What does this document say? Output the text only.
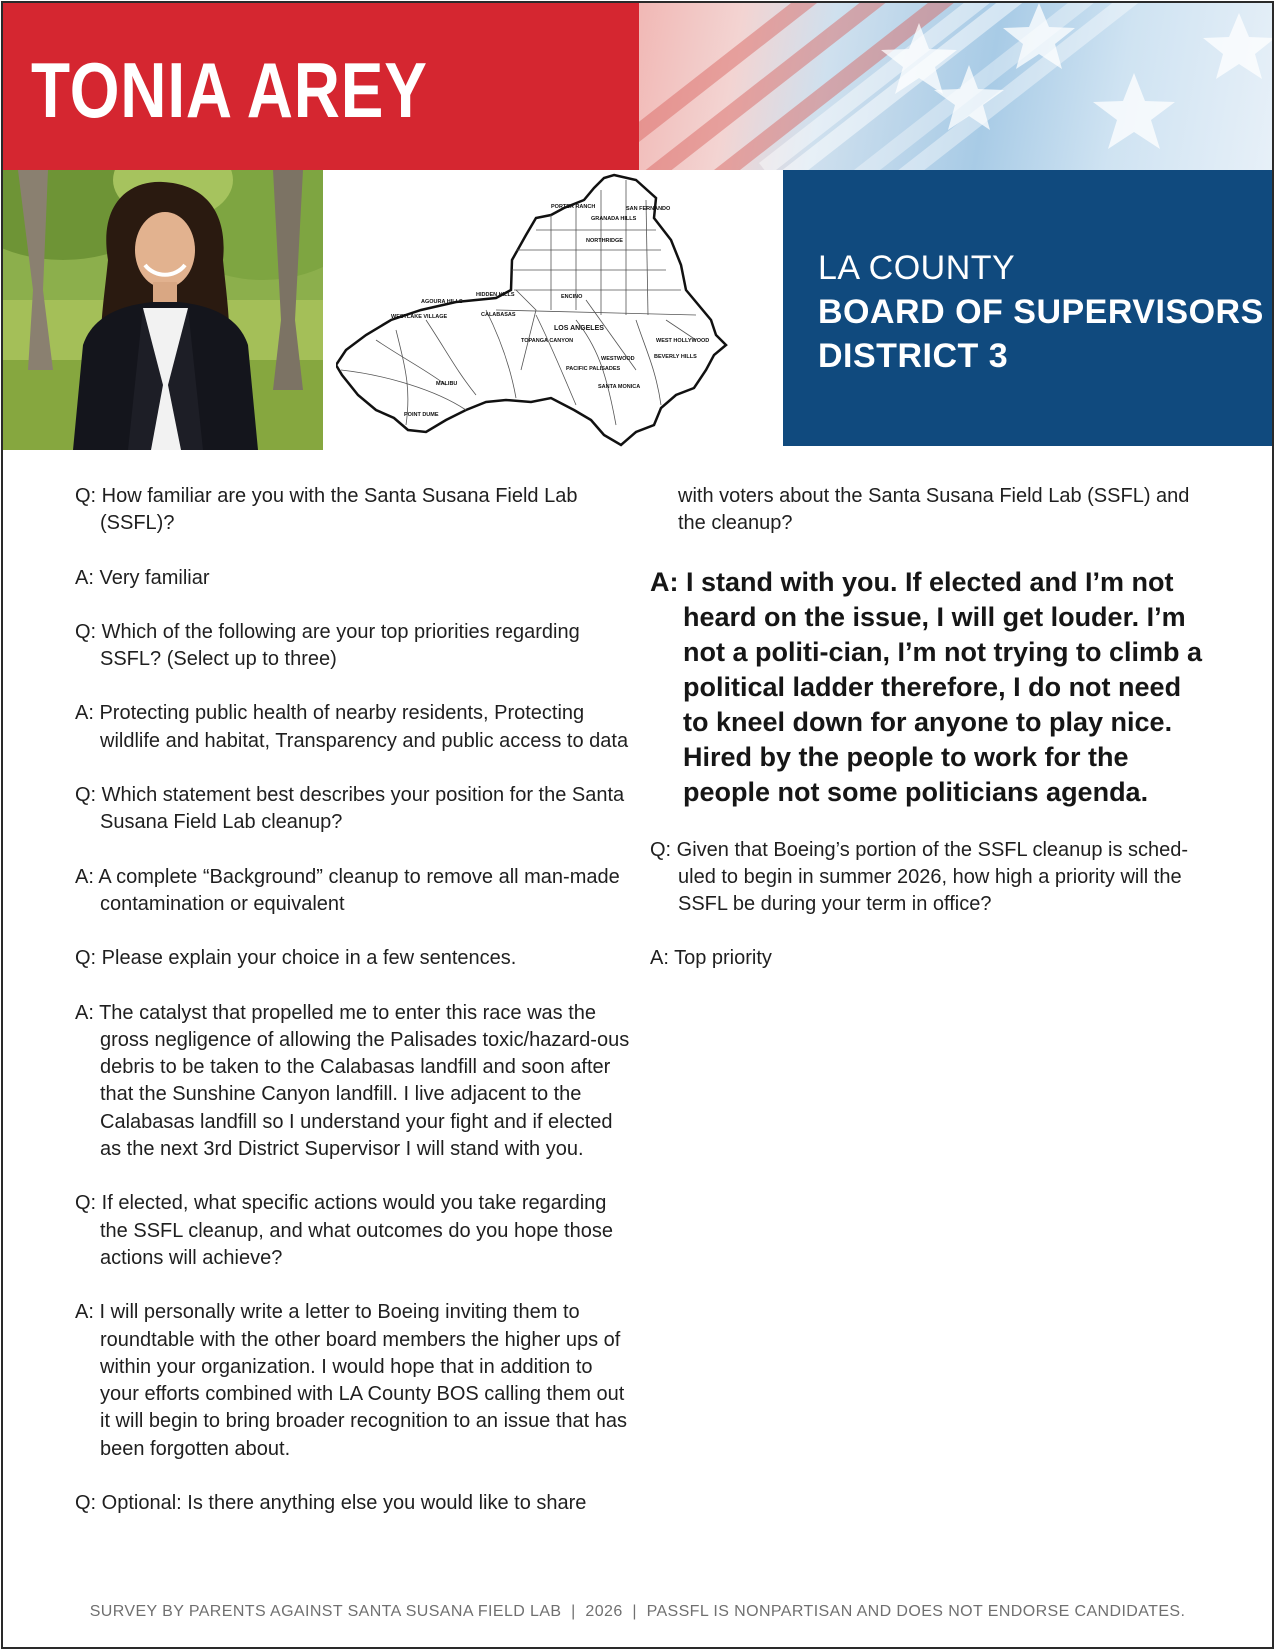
TONIA AREY
SAN FERNANDO
PORTER RANCH
GRANADA HILLS
NORTHRIDGE
AGOURA HILLS
HIDDEN HILLS
WESTLAKE VILLAGE	CALABASAS
LOS ANGELES
TOPANGA CANYON
MALIBU
PACIFIC PALISADES
SANTA MONICA
BEVERLY HILLS
WEST HOLLYWOOD
WESTWOOD
ENCINO
POINT DUME
LA COUNTY
BOARD OF SUPERVISORS
DISTRICT 3

Q: How familiar are you with the Santa Susana Field Lab (SSFL)?

A: Very familiar

Q: Which of the following are your top priorities regarding SSFL? (Select up to three)

A: Protecting public health of nearby residents, Protecting wildlife and habitat, Transparency and public access to data

Q: Which statement best describes your position for the Santa Susana Field Lab cleanup?

A: A complete “Background” cleanup to remove all man-made contamination or equivalent

Q: Please explain your choice in a few sentences.

A: The catalyst that propelled me to enter this race was the gross negligence of allowing the Palisades toxic/hazard-ous debris to be taken to the Calabasas landfill and soon after that the Sunshine Canyon landfill. I live adjacent to the Calabasas landfill so I understand your fight and if elected as the next 3rd District Supervisor I will stand with you.

Q: If elected, what specific actions would you take regarding the SSFL cleanup, and what outcomes do you hope those actions will achieve?

A: I will personally write a letter to Boeing inviting them to roundtable with the other board members the higher ups of within your organization. I would hope that in addition to your efforts combined with LA County BOS calling them out it will begin to bring broader recognition to an issue that has been forgotten about.

Q: Optional: Is there anything else you would like to share

with voters about the Santa Susana Field Lab (SSFL) and the cleanup?

A: I stand with you. If elected and I’m not heard on the issue, I will get louder. I’m not a politi-cian, I’m not trying to climb a political ladder therefore, I do not need to kneel down for anyone to play nice. Hired by the people to work for the people not some politicians agenda.

Q: Given that Boeing’s portion of the SSFL cleanup is sched-uled to begin in summer 2026, how high a priority will the SSFL be during your term in office?

A: Top priority

SURVEY BY PARENTS AGAINST SANTA SUSANA FIELD LAB  |  2026  |  PASSFL IS NONPARTISAN AND DOES NOT ENDORSE CANDIDATES.
